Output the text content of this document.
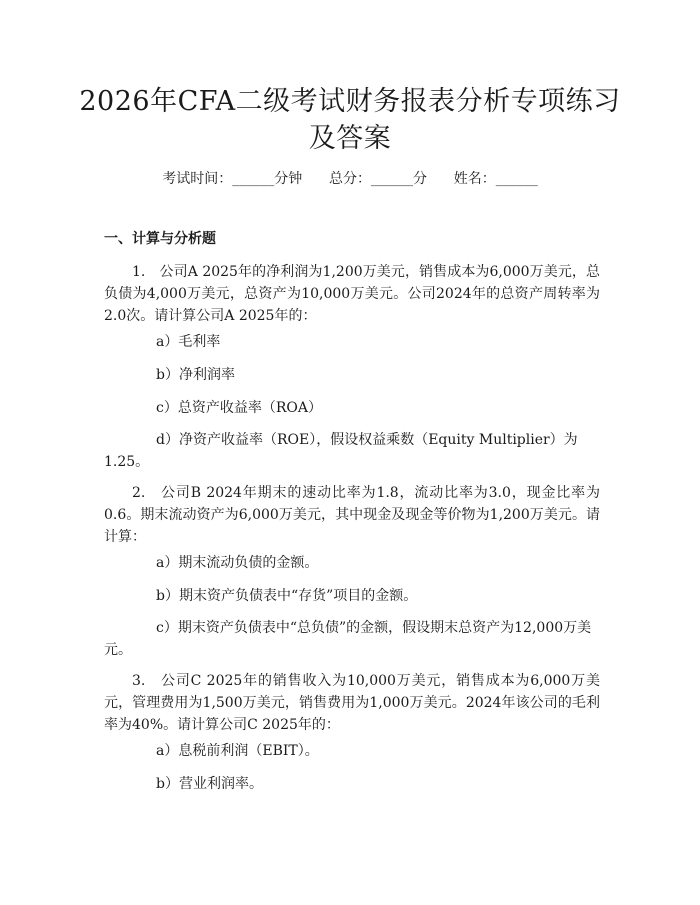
2026年CFA二级考试财务报表分析专项练习
及答案
考试时间：______分钟 总分：______分 姓名：______
一、计算与分析题

1.　公司A 2025年的净利润为1,200万美元，销售成本为6,000万美元，总负债为4,000万美元，总资产为10,000万美元。公司2024年的总资产周转率为2.0次。请计算公司A 2025年的：

a）毛利率

b）净利润率

c）总资产收益率（ROA）

d）净资产收益率（ROE），假设权益乘数（Equity Multiplier）为1.25。

2.　公司B 2024年期末的速动比率为1.8，流动比率为3.0，现金比率为0.6。期末流动资产为6,000万美元，其中现金及现金等价物为1,200万美元。请计算：

a）期末流动负债的金额。

b）期末资产负债表中“存货”项目的金额。

c）期末资产负债表中“总负债”的金额，假设期末总资产为12,000万美元。

3.　公司C 2025年的销售收入为10,000万美元，销售成本为6,000万美元，管理费用为1,500万美元，销售费用为1,000万美元。2024年该公司的毛利率为40%。请计算公司C 2025年的：

a）息税前利润（EBIT）。

b）营业利润率。
